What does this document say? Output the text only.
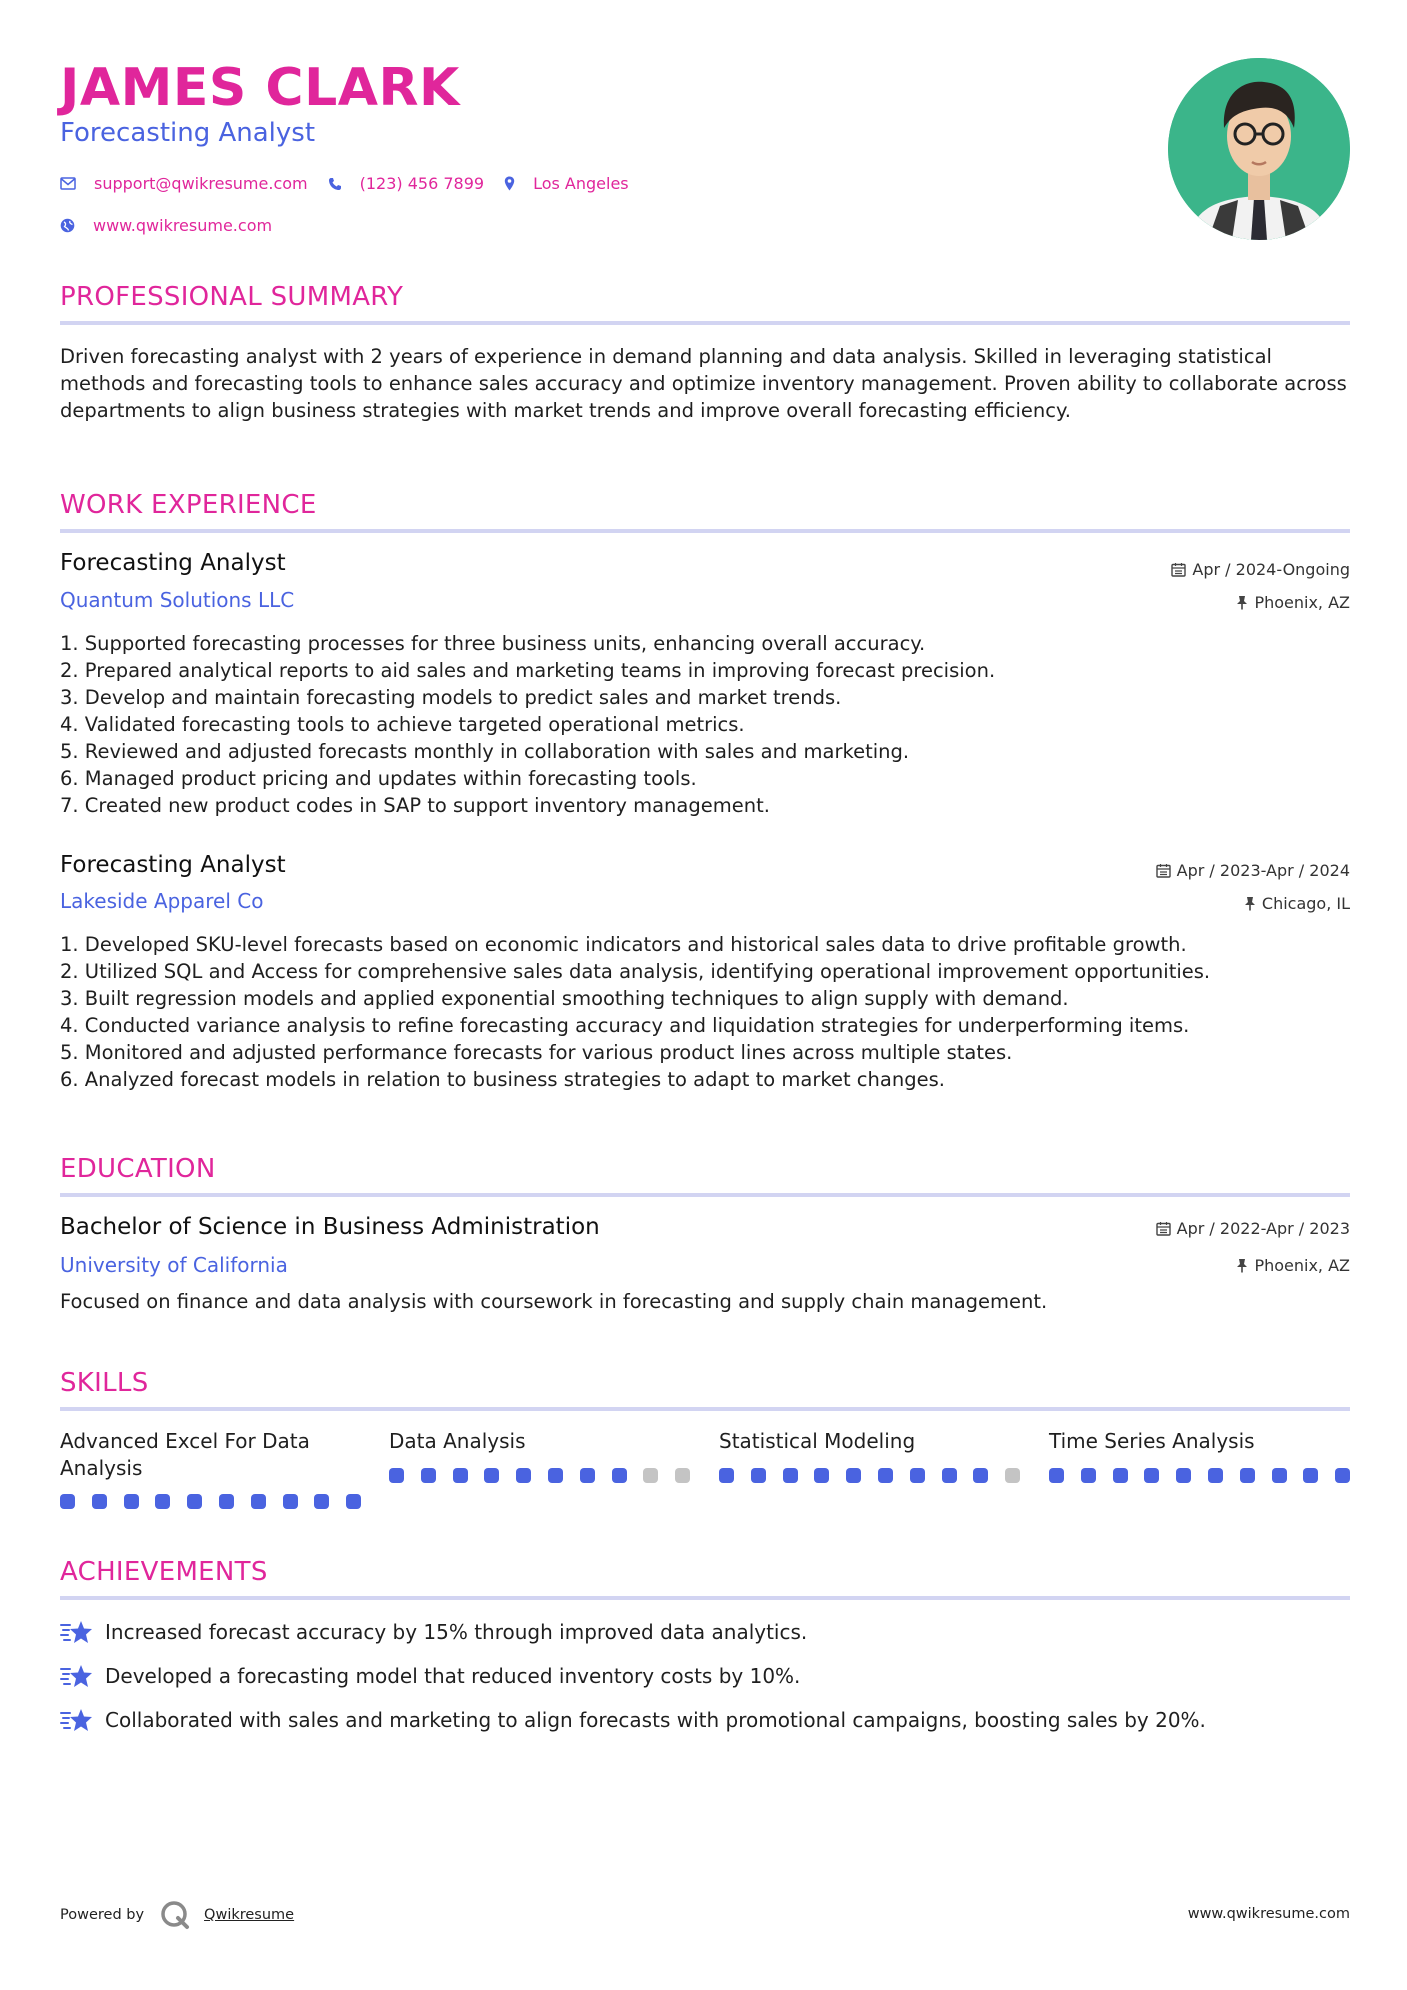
JAMES CLARK
Forecasting Analyst
support@qwikresume.com	(123) 456 7899	Los Angeles
www.qwikresume.com
PROFESSIONAL SUMMARY

Driven forecasting analyst with 2 years of experience in demand planning and data analysis. Skilled in leveraging statistical methods and forecasting tools to enhance sales accuracy and optimize inventory management. Proven ability to collaborate across departments to align business strategies with market trends and improve overall forecasting efficiency.

WORK EXPERIENCE
Forecasting Analyst	Apr / 2024-Ongoing
Quantum Solutions LLC	Phoenix, AZ
1. Supported forecasting processes for three business units, enhancing overall accuracy.
2. Prepared analytical reports to aid sales and marketing teams in improving forecast precision.
3. Develop and maintain forecasting models to predict sales and market trends.
4. Validated forecasting tools to achieve targeted operational metrics.
5. Reviewed and adjusted forecasts monthly in collaboration with sales and marketing.
6. Managed product pricing and updates within forecasting tools.
7. Created new product codes in SAP to support inventory management.
Forecasting Analyst	Apr / 2023-Apr / 2024
Lakeside Apparel Co	Chicago, IL
1. Developed SKU-level forecasts based on economic indicators and historical sales data to drive profitable growth.
2. Utilized SQL and Access for comprehensive sales data analysis, identifying operational improvement opportunities.
3. Built regression models and applied exponential smoothing techniques to align supply with demand.
4. Conducted variance analysis to refine forecasting accuracy and liquidation strategies for underperforming items.
5. Monitored and adjusted performance forecasts for various product lines across multiple states.
6. Analyzed forecast models in relation to business strategies to adapt to market changes.
EDUCATION
Bachelor of Science in Business Administration	Apr / 2022-Apr / 2023
University of California	Phoenix, AZ

Focused on finance and data analysis with coursework in forecasting and supply chain management.

SKILLS

Advanced Excel For Data Analysis

Data Analysis	Statistical Modeling	Time Series Analysis

ACHIEVEMENTS
Increased forecast accuracy by 15% through improved data analytics.
Developed a forecasting model that reduced inventory costs by 10%.
Collaborated with sales and marketing to align forecasts with promotional campaigns, boosting sales by 20%.
Powered by	Qwikresume	www.qwikresume.com
